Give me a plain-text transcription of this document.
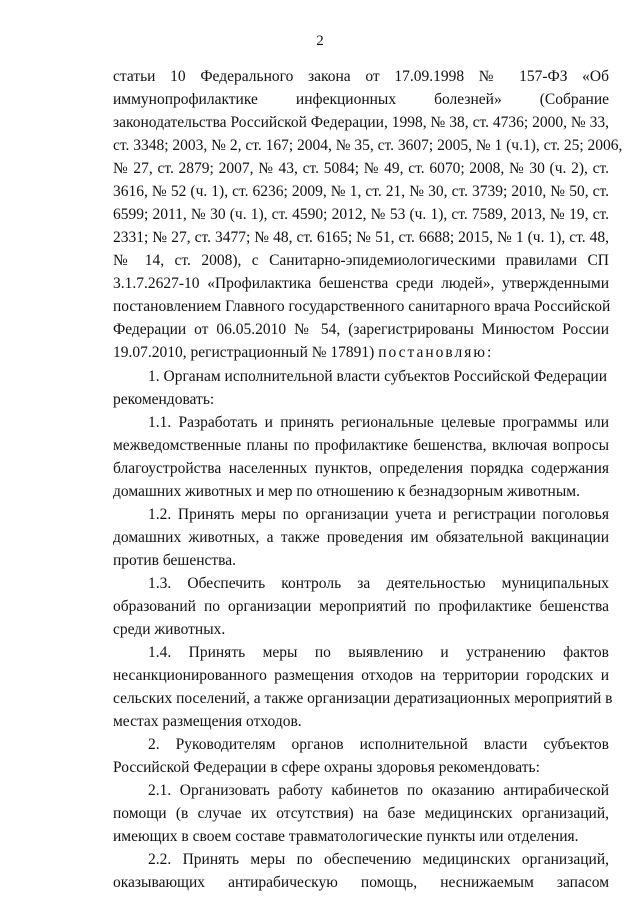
2
статьи 10 Федерального закона от 17.09.1998 № 157-ФЗ «Об
иммунопрофилактике инфекционных болезней» (Собрание
законодательства Российской Федерации, 1998, № 38, ст. 4736; 2000, № 33,
ст. 3348; 2003, № 2, ст. 167; 2004, № 35, ст. 3607; 2005, № 1 (ч.1), ст. 25; 2006,
№ 27, ст. 2879; 2007, № 43, ст. 5084; № 49, ст. 6070; 2008, № 30 (ч. 2), ст.
3616, № 52 (ч. 1), ст. 6236; 2009, № 1, ст. 21, № 30, ст. 3739; 2010, № 50, ст.
6599; 2011, № 30 (ч. 1), ст. 4590; 2012, № 53 (ч. 1), ст. 7589, 2013, № 19, ст.
2331; № 27, ст. 3477; № 48, ст. 6165; № 51, ст. 6688; 2015, № 1 (ч. 1), ст. 48,
№ 14, ст. 2008), с Санитарно-эпидемиологическими правилами СП
3.1.7.2627-10 «Профилактика бешенства среди людей», утвержденными
постановлением Главного государственного санитарного врача Российской
Федерации от 06.05.2010 № 54, (зарегистрированы Минюстом России
19.07.2010, регистрационный № 17891) постановляю:
1. Органам исполнительной власти субъектов Российской Федерации
рекомендовать:
1.1. Разработать и принять региональные целевые программы или
межведомственные планы по профилактике бешенства, включая вопросы
благоустройства населенных пунктов, определения порядка содержания
домашних животных и мер по отношению к безнадзорным животным.
1.2. Принять меры по организации учета и регистрации поголовья
домашних животных, а также проведения им обязательной вакцинации
против бешенства.
1.3. Обеспечить контроль за деятельностью муниципальных
образований по организации мероприятий по профилактике бешенства
среди животных.
1.4. Принять меры по выявлению и устранению фактов
несанкционированного размещения отходов на территории городских и
сельских поселений, а также организации дератизационных мероприятий в
местах размещения отходов.
2. Руководителям органов исполнительной власти субъектов
Российской Федерации в сфере охраны здоровья рекомендовать:
2.1. Организовать работу кабинетов по оказанию антирабической
помощи (в случае их отсутствия) на базе медицинских организаций,
имеющих в своем составе травматологические пункты или отделения.
2.2. Принять меры по обеспечению медицинских организаций,
оказывающих антирабическую помощь, неснижаемым запасом
